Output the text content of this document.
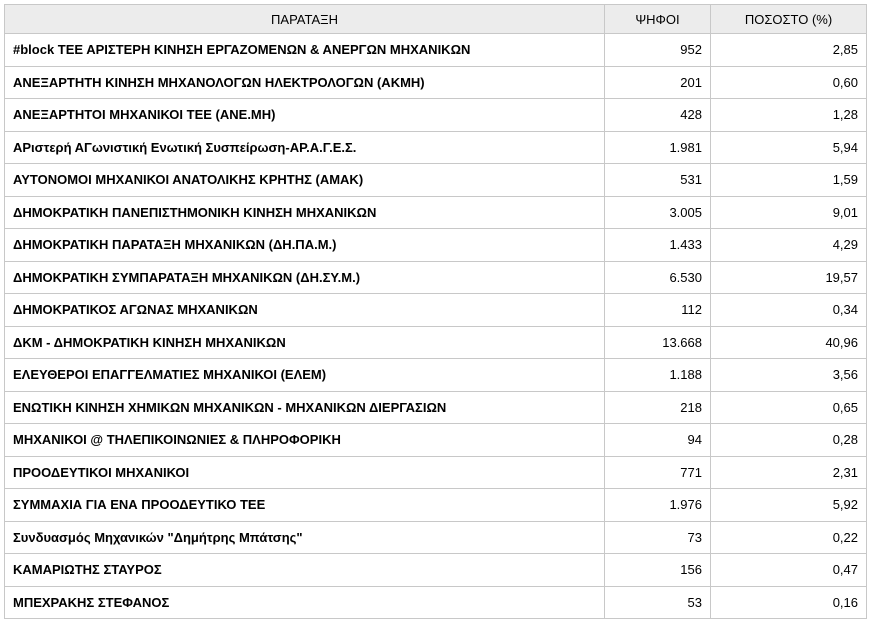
ΠΑΡΑΤΑΞΗ	ΨΗΦΟΙ	ΠΟΣΟΣΤΟ (%)
#block ΤΕΕ ΑΡΙΣΤΕΡΗ ΚΙΝΗΣΗ ΕΡΓΑΖΟΜΕΝΩΝ & ΑΝΕΡΓΩΝ ΜΗΧΑΝΙΚΩΝ	952	2,85
ΑΝΕΞΑΡΤΗΤΗ ΚΙΝΗΣΗ ΜΗΧΑΝΟΛΟΓΩΝ ΗΛΕΚΤΡΟΛΟΓΩΝ (ΑΚΜΗ)	201	0,60
ΑΝΕΞΑΡΤΗΤΟΙ ΜΗΧΑΝΙΚΟΙ ΤΕΕ (ΑΝΕ.ΜΗ)	428	1,28
ΑΡιστερή ΑΓωνιστική Ενωτική Συσπείρωση-ΑΡ.Α.Γ.Ε.Σ.	1.981	5,94
ΑΥΤΟΝΟΜΟΙ ΜΗΧΑΝΙΚΟΙ ΑΝΑΤΟΛΙΚΗΣ ΚΡΗΤΗΣ (ΑΜΑΚ)	531	1,59
ΔΗΜΟΚΡΑΤΙΚΗ ΠΑΝΕΠΙΣΤΗΜΟΝΙΚΗ ΚΙΝΗΣΗ ΜΗΧΑΝΙΚΩΝ	3.005	9,01
ΔΗΜΟΚΡΑΤΙΚΗ ΠΑΡΑΤΑΞΗ ΜΗΧΑΝΙΚΩΝ (ΔΗ.ΠΑ.Μ.)	1.433	4,29
ΔΗΜΟΚΡΑΤΙΚΗ ΣΥΜΠΑΡΑΤΑΞΗ ΜΗΧΑΝΙΚΩΝ (ΔΗ.ΣΥ.Μ.)	6.530	19,57
ΔΗΜΟΚΡΑΤΙΚΟΣ ΑΓΩΝΑΣ ΜΗΧΑΝΙΚΩΝ	112	0,34
ΔΚΜ - ΔΗΜΟΚΡΑΤΙΚΗ ΚΙΝΗΣΗ ΜΗΧΑΝΙΚΩΝ	13.668	40,96
ΕΛΕΥΘΕΡΟΙ ΕΠΑΓΓΕΛΜΑΤΙΕΣ ΜΗΧΑΝΙΚΟΙ (ΕΛΕΜ)	1.188	3,56
ΕΝΩΤΙΚΗ ΚΙΝΗΣΗ ΧΗΜΙΚΩΝ ΜΗΧΑΝΙΚΩΝ - ΜΗΧΑΝΙΚΩΝ ΔΙΕΡΓΑΣΙΩΝ	218	0,65
ΜΗΧΑΝΙΚΟΙ @ ΤΗΛΕΠΙΚΟΙΝΩΝΙΕΣ & ΠΛΗΡΟΦΟΡΙΚΗ	94	0,28
ΠΡΟΟΔΕΥΤΙΚΟΙ ΜΗΧΑΝΙΚΟΙ	771	2,31
ΣΥΜΜΑΧΙΑ ΓΙΑ ΕΝΑ ΠΡΟΟΔΕΥΤΙΚΟ ΤΕΕ	1.976	5,92
Συνδυασμός Μηχανικών "Δημήτρης Μπάτσης"	73	0,22
ΚΑΜΑΡΙΩΤΗΣ ΣΤΑΥΡΟΣ	156	0,47
ΜΠΕΧΡΑΚΗΣ ΣΤΕΦΑΝΟΣ	53	0,16
